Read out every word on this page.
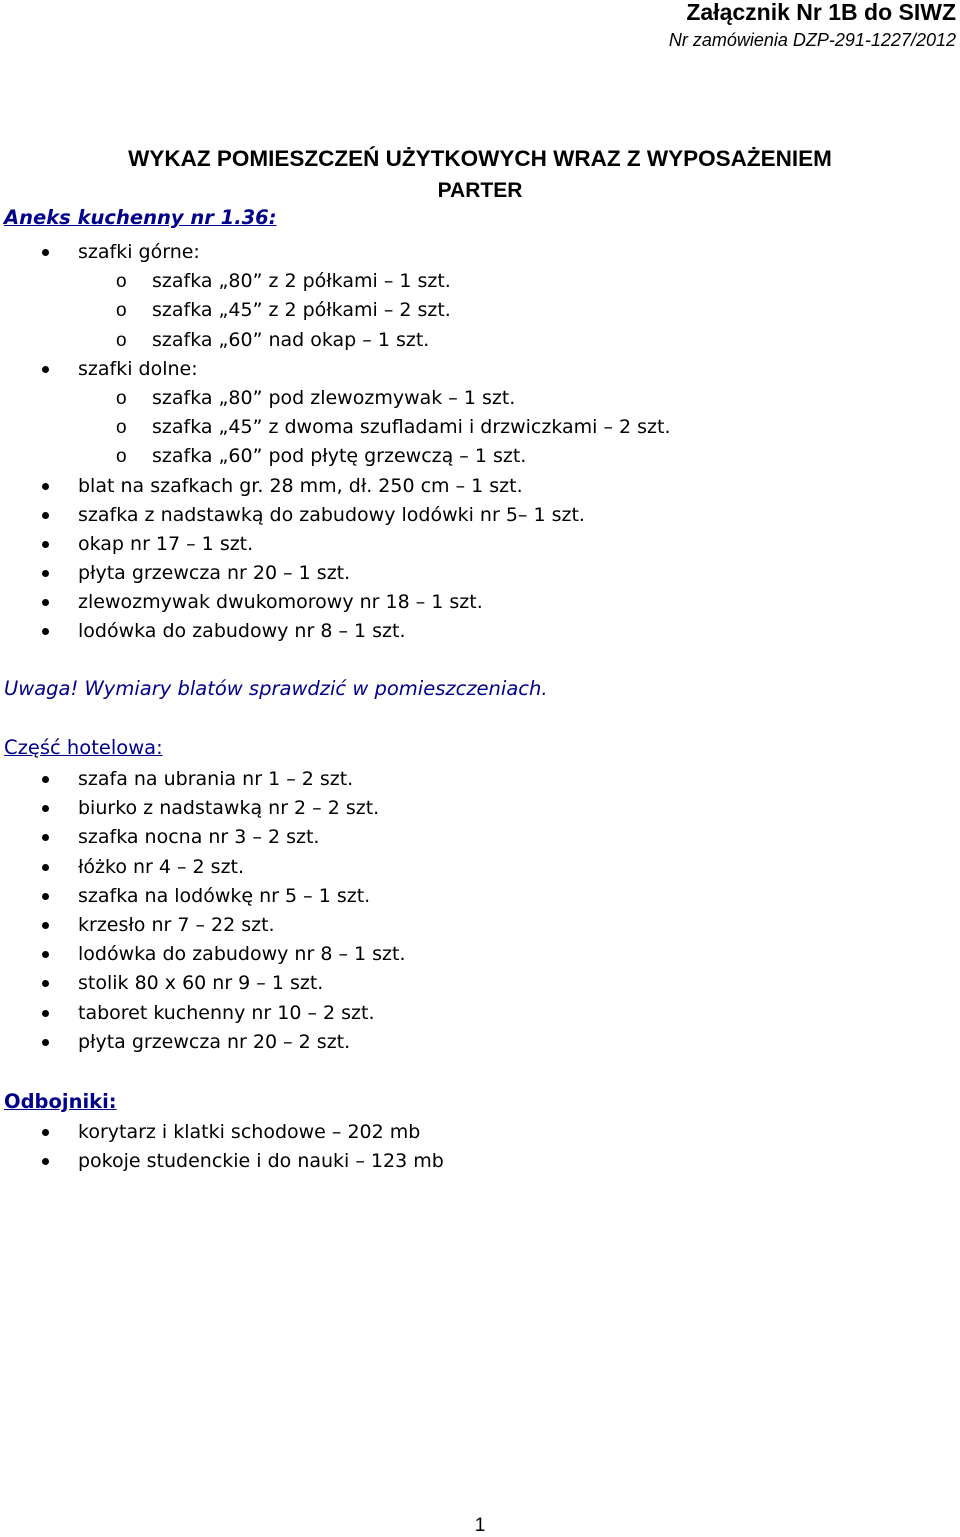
Załącznik Nr 1B do SIWZ
Nr zamówienia DZP-291-1227/2012
WYKAZ POMIESZCZEŃ UŻYTKOWYCH WRAZ Z WYPOSAŻENIEM
PARTER
Aneks kuchenny nr 1.36:
szafki górne:
o szafka „80” z 2 półkami – 1 szt.
o szafka „45” z 2 półkami – 2 szt.
o szafka „60” nad okap – 1 szt.
szafki dolne:
o szafka „80” pod zlewozmywak – 1 szt.
o szafka „45” z dwoma szufladami i drzwiczkami – 2 szt.
o szafka „60” pod płytę grzewczą – 1 szt.
blat na szafkach gr. 28 mm, dł. 250 cm – 1 szt.
szafka z nadstawką do zabudowy lodówki nr 5– 1 szt.
okap nr 17 – 1 szt.
płyta grzewcza nr 20 – 1 szt.
zlewozmywak dwukomorowy nr 18 – 1 szt.
lodówka do zabudowy nr 8 – 1 szt.
Uwaga! Wymiary blatów sprawdzić w pomieszczeniach.
Część hotelowa:
szafa na ubrania nr 1 – 2 szt.
biurko z nadstawką nr 2 – 2 szt.
szafka nocna nr 3 – 2 szt.
łóżko nr 4 – 2 szt.
szafka na lodówkę nr 5 – 1 szt.
krzesło nr 7 – 22 szt.
lodówka do zabudowy nr 8 – 1 szt.
stolik 80 x 60 nr 9 – 1 szt.
taboret kuchenny nr 10 – 2 szt.
płyta grzewcza nr 20 – 2 szt.
Odbojniki:
korytarz i klatki schodowe – 202 mb
pokoje studenckie i do nauki – 123 mb
1
